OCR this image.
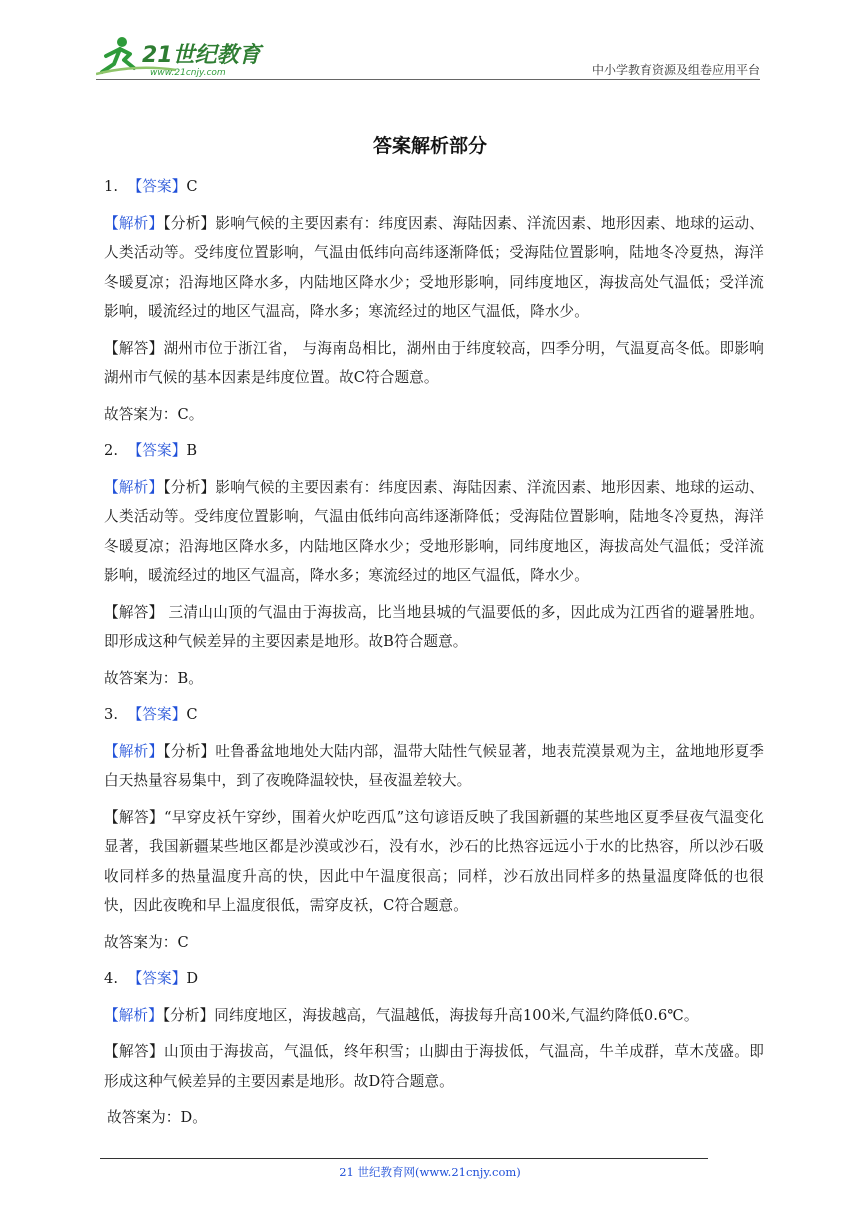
21世纪教育
www.21cnjy.com	中小学教育资源及组卷应用平台
答案解析部分
1. 【答案】C
【解析】【分析】影响气候的主要因素有：纬度因素、海陆因素、洋流因素、地形因素、地球的运动、人类活动等。受纬度位置影响，气温由低纬向高纬逐渐降低；受海陆位置影响，陆地冬冷夏热，海洋冬暖夏凉；沿海地区降水多，内陆地区降水少；受地形影响，同纬度地区，海拔高处气温低；受洋流影响，暖流经过的地区气温高，降水多；寒流经过的地区气温低，降水少。
【解答】湖州市位于浙江省， 与海南岛相比，湖州由于纬度较高，四季分明，气温夏高冬低。即影响湖州市气候的基本因素是纬度位置。故C符合题意。
故答案为：C。
2. 【答案】B
【解析】【分析】影响气候的主要因素有：纬度因素、海陆因素、洋流因素、地形因素、地球的运动、人类活动等。受纬度位置影响，气温由低纬向高纬逐渐降低；受海陆位置影响，陆地冬冷夏热，海洋冬暖夏凉；沿海地区降水多，内陆地区降水少；受地形影响，同纬度地区，海拔高处气温低；受洋流影响，暖流经过的地区气温高，降水多；寒流经过的地区气温低，降水少。
【解答】 三清山山顶的气温由于海拔高，比当地县城的气温要低的多，因此成为江西省的避暑胜地。即形成这种气候差异的主要因素是地形。故B符合题意。
故答案为：B。
3. 【答案】C
【解析】【分析】吐鲁番盆地地处大陆内部，温带大陆性气候显著，地表荒漠景观为主，盆地地形夏季白天热量容易集中，到了夜晚降温较快，昼夜温差较大。
【解答】“早穿皮袄午穿纱，围着火炉吃西瓜”这句谚语反映了我国新疆的某些地区夏季昼夜气温变化显著，我国新疆某些地区都是沙漠或沙石，没有水，沙石的比热容远远小于水的比热容，所以沙石吸收同样多的热量温度升高的快，因此中午温度很高；同样，沙石放出同样多的热量温度降低的也很快，因此夜晚和早上温度很低，需穿皮袄，C符合题意。
故答案为：C
4. 【答案】D
【解析】【分析】同纬度地区，海拔越高，气温越低，海拔每升高100米,气温约降低0.6℃。
【解答】山顶由于海拔高，气温低，终年积雪；山脚由于海拔低，气温高，牛羊成群，草木茂盛。即形成这种气候差异的主要因素是地形。故D符合题意。
故答案为：D。
21 世纪教育网(www.21cnjy.com)
